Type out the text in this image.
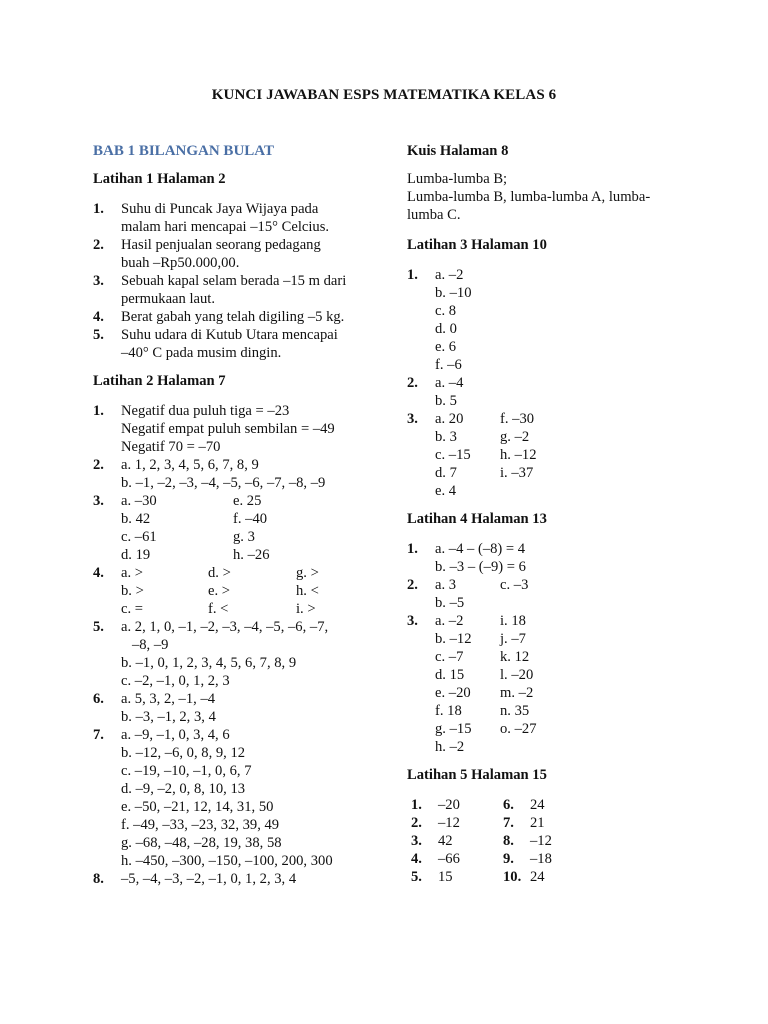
KUNCI JAWABAN ESPS MATEMATIKA KELAS 6
BAB 1 BILANGAN BULAT
Latihan 1 Halaman 2
1.	Suhu di Puncak Jaya Wijaya pada
malam hari mencapai –15° Celcius.
2.	Hasil penjualan seorang pedagang
buah –Rp50.000,00.
3.	Sebuah kapal selam berada –15 m dari
permukaan laut.
4.	Berat gabah yang telah digiling –5 kg.
5.	Suhu udara di Kutub Utara mencapai
–40° C pada musim dingin.
Latihan 2 Halaman 7
1.	Negatif dua puluh tiga = –23
Negatif empat puluh sembilan = –49
Negatif 70 = –70
2.	a. 1, 2, 3, 4, 5, 6, 7, 8, 9
b. –1, –2, –3, –4, –5, –6, –7, –8, –9
3.	a. –30	e. 25
b. 42	f. –40
c. –61	g. 3
d. 19	h. –26
4.	a. >	d. >	g. >
b. >	e. >	h. <
c. =	f. <	i. >
5.	a. 2, 1, 0, –1, –2, –3, –4, –5, –6, –7,
–8, –9
b. –1, 0, 1, 2, 3, 4, 5, 6, 7, 8, 9
c. –2, –1, 0, 1, 2, 3
6.	a. 5, 3, 2, –1, –4
b. –3, –1, 2, 3, 4
7.	a. –9, –1, 0, 3, 4, 6
b. –12, –6, 0, 8, 9, 12
c. –19, –10, –1, 0, 6, 7
d. –9, –2, 0, 8, 10, 13
e. –50, –21, 12, 14, 31, 50
f. –49, –33, –23, 32, 39, 49
g. –68, –48, –28, 19, 38, 58
h. –450, –300, –150, –100, 200, 300
8.	–5, –4, –3, –2, –1, 0, 1, 2, 3, 4
Kuis Halaman 8
Lumba-lumba B;
Lumba-lumba B, lumba-lumba A, lumba-
lumba C.
Latihan 3 Halaman 10
1.	a. –2
b. –10
c. 8
d. 0
e. 6
f. –6
2.	a. –4
b. 5
3.	a. 20	f. –30
b. 3	g. –2
c. –15	h. –12
d. 7	i. –37
e. 4

Latihan 4 Halaman 13
1.	a. –4 – (–8) = 4
b. –3 – (–9) = 6
2.	a. 3	c. –3
b. –5

3.	a. –2	i. 18
b. –12	j. –7
c. –7	k. 12
d. 15	l. –20
e. –20	m. –2
f. 18	n. 35
g. –15	o. –27
h. –2

Latihan 5 Halaman 15
1.	–20	6.	24
2.	–12	7.	21
3.	42	8.	–12
4.	–66	9.	–18
5.	15	10. 24
